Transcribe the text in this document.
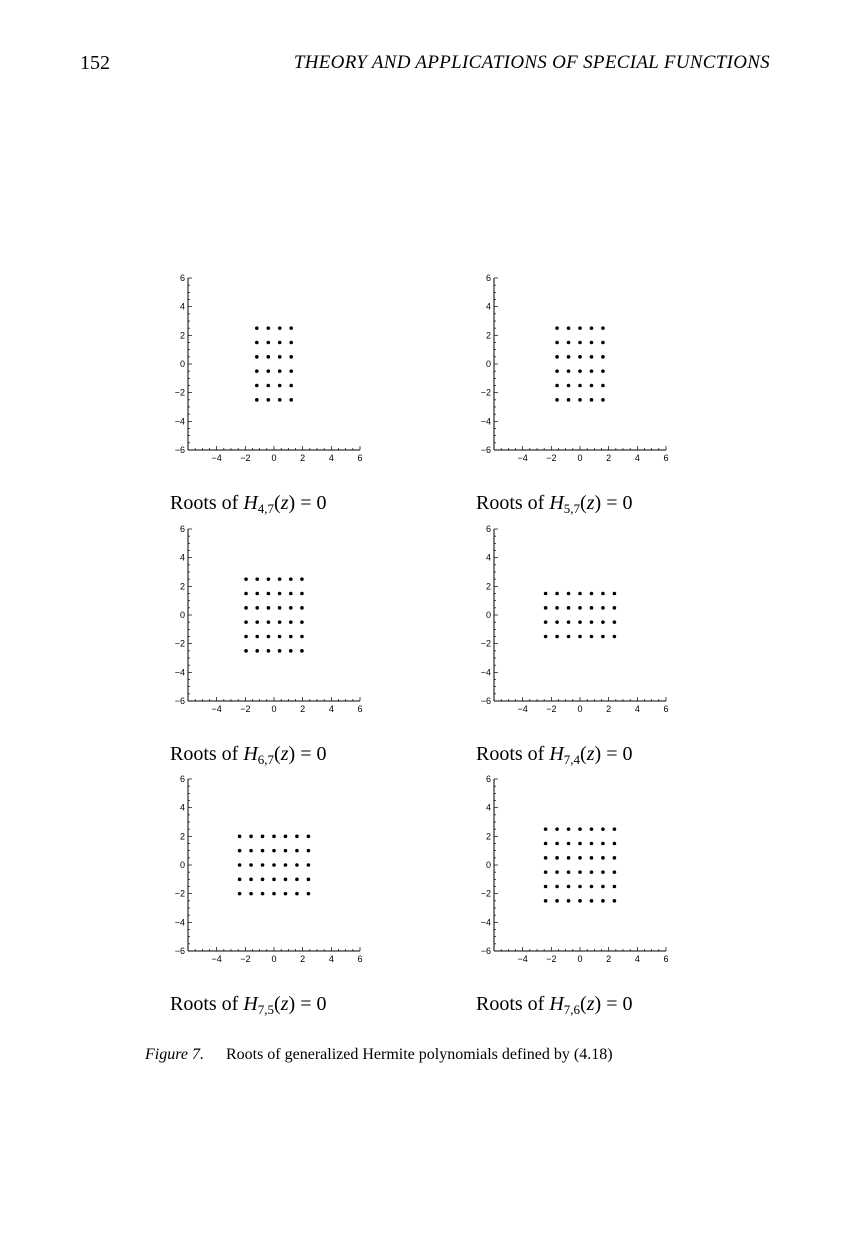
152	THEORY AND APPLICATIONS OF SPECIAL FUNCTIONS
6
4
2
0
−2
−4
−6
−4 −2 0	2	4	6
Roots of $H_{4,7}(z) = 0$
6
4
2
0
−2
−4
−6
−4 −2 0	2	4	6
Roots of $H_{5,7}(z) = 0$
6
4
2
0
−2
−4
−6
−4 −2 0	2	4	6
Roots of $H_{6,7}(z) = 0$
6
4
2
0
−2
−4
−6
−4 −2 0	2	4	6
Roots of $H_{7,4}(z) = 0$
6
4
2
0
−2
−4
−6
−4 −2 0	2	4	6
Roots of $H_{7,5}(z) = 0$
6
4
2
0
−2
−4
−6
−4 −2 0	2	4	6
Roots of $H_{7,6}(z) = 0$
Figure 7. Roots of generalized Hermite polynomials defined by (4.18)
